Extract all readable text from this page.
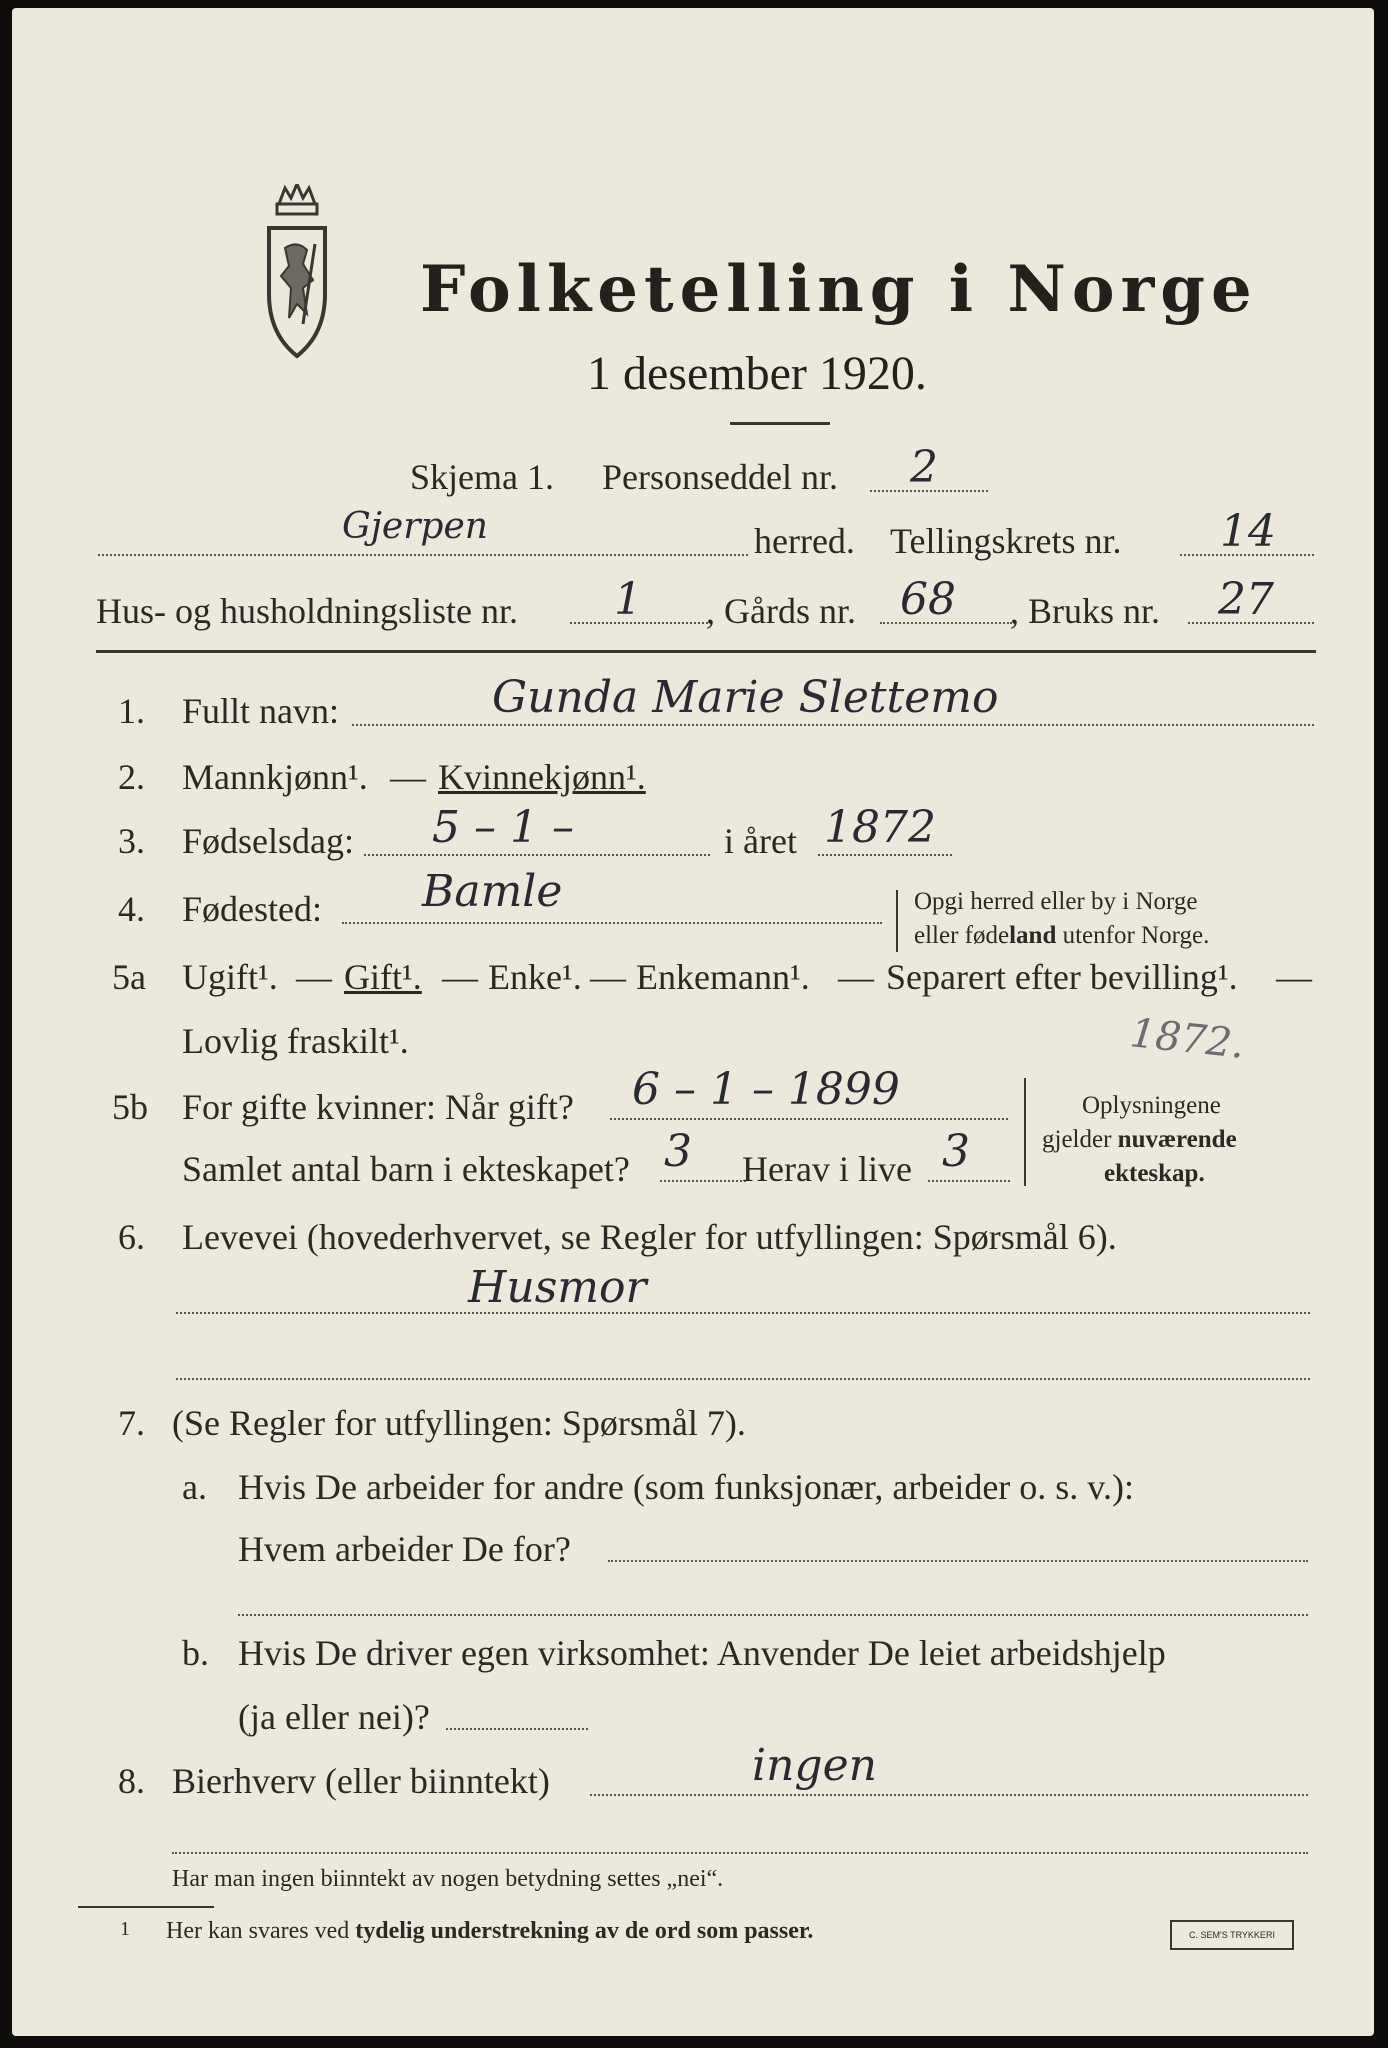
Folketelling i Norge
1 desember 1920.
Skjema 1. Personseddel nr. 2
Gjerpen	herred. Tellingskrets nr. 14
Hus- og husholdningsliste nr. 1 , Gårds nr. 68 , Bruks nr. 27
1. Fullt navn:	Gunda Marie Slettemo
2. Mannkjønn¹. — Kvinnekjønn¹.
3. Fødselsdag: 5 – 1 –	i året 1872
4. Fødested: Bamle	Opgi herred eller by i Norge
eller fødeland utenfor Norge.
5a Ugift¹. — Gift¹. — Enke¹. — Enkemann¹. — Separert efter bevilling¹. —
Lovlig fraskilt¹.	1872.
5b For gifte kvinner: Når gift? 6 – 1 – 1899
Samlet antal barn i ekteskapet? 3 Herav i live 3
Oplysningene
gjelder nuværende
ekteskap.
6. Levevei (hovederhvervet, se Regler for utfyllingen: Spørsmål 6).
Husmor
7. (Se Regler for utfyllingen: Spørsmål 7).
a. Hvis De arbeider for andre (som funksjonær, arbeider o. s. v.):
Hvem arbeider De for?
b. Hvis De driver egen virksomhet: Anvender De leiet arbeidshjelp
(ja eller nei)?
8. Bierhverv (eller biinntekt)	ingen
Har man ingen biinntekt av nogen betydning settes „nei“.
1 Her kan svares ved tydelig understrekning av de ord som passer.	C. SEM'S TRYKKERI
